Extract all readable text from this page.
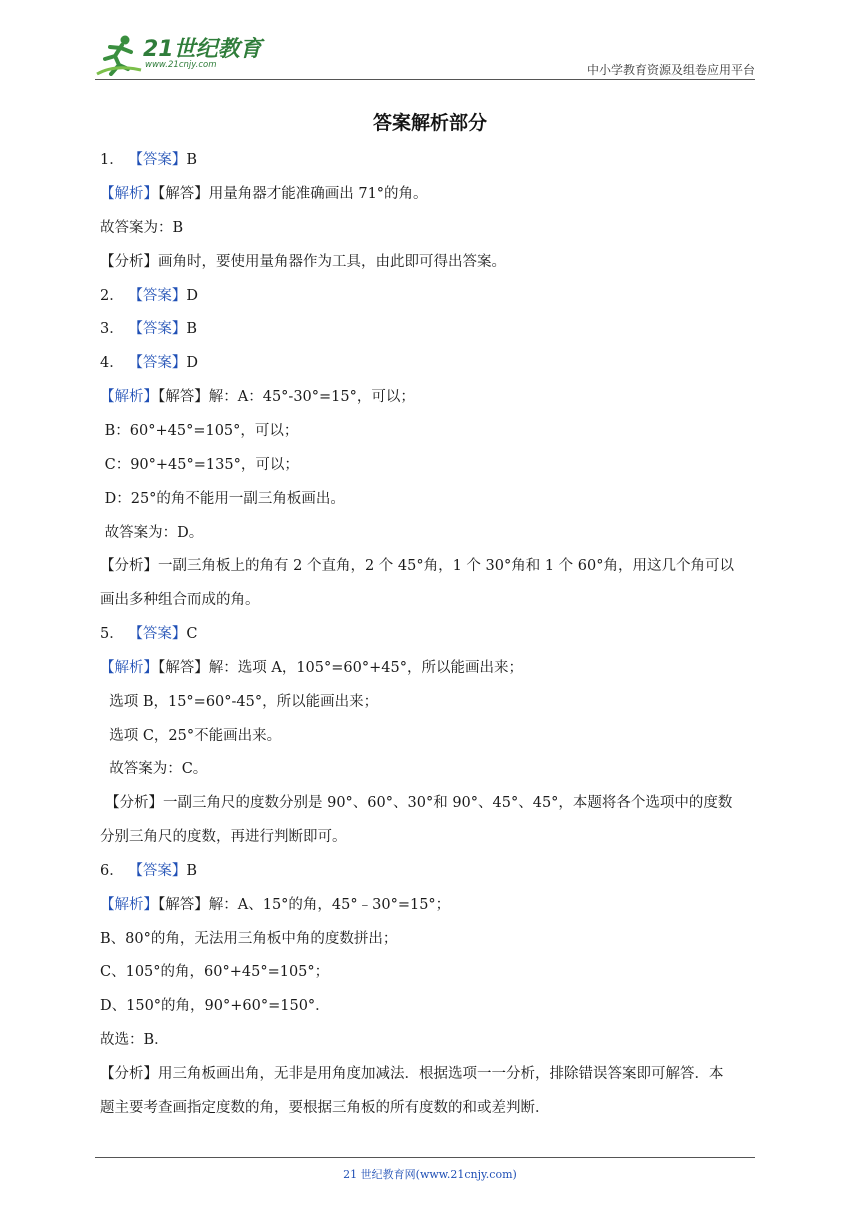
21世纪教育
www.21cnjy.com	中小学教育资源及组卷应用平台
答案解析部分
1． 【答案】B
【解析】【解答】用量角器才能准确画出 71°的角。
故答案为：B
【分析】画角时，要使用量角器作为工具，由此即可得出答案。
2． 【答案】D
3． 【答案】B
4． 【答案】D
【解析】【解答】解：A：45°-30°=15°，可以；
B：60°+45°=105°，可以；
C：90°+45°=135°，可以；
D：25°的角不能用一副三角板画出。
故答案为：D。
【分析】一副三角板上的角有 2 个直角，2 个 45°角，1 个 30°角和 1 个 60°角，用这几个角可以
画出多种组合而成的角。
5． 【答案】C
【解析】【解答】解：选项 A，105°=60°+45°，所以能画出来；
选项 B，15°=60°-45°，所以能画出来；
选项 C，25°不能画出来。
故答案为：C。
【分析】一副三角尺的度数分别是 90°、60°、30°和 90°、45°、45°，本题将各个选项中的度数
分别三角尺的度数，再进行判断即可。
6． 【答案】B
【解析】【解答】解：A、15°的角，45°﹣30°=15°；
B、80°的角，无法用三角板中角的度数拼出；
C、105°的角，60°+45°=105°；
D、150°的角，90°+60°=150°．
故选：B．
【分析】用三角板画出角，无非是用角度加减法．根据选项一一分析，排除错误答案即可解答．本
题主要考查画指定度数的角，要根据三角板的所有度数的和或差判断．
21 世纪教育网(www.21cnjy.com)
